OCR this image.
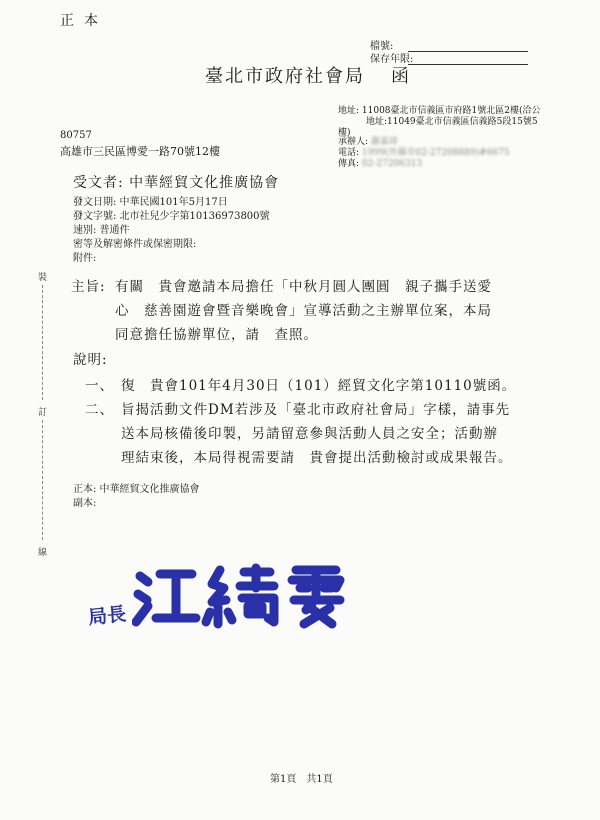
正本
檔號:
保存年限:
臺北市政府社會局 函
地址: 11008臺北市信義區市府路1號北區2樓(洽公
地址:11049臺北市信義區信義路5段15號5
樓)
80757
高雄市三民區博愛一路70號12樓
承辦人: 謝嘉琦
電話: 1999(外縣市02-27208889)#6675
傳真: 02-27206313
受文者: 中華經貿文化推廣協會
發文日期: 中華民國101年5月17日
發文字號: 北市社兒少字第10136973800號
速別: 普通件
密等及解密條件或保密期限:
附件:
裝
訂
線
主旨: 有關　貴會邀請本局擔任「中秋月圓人團圓　親子攜手送愛
心　慈善園遊會暨音樂晚會」宣導活動之主辦單位案，本局
同意擔任協辦單位，請　查照。
說明:
一、 復　貴會101年4月30日（101）經貿文化字第10110號函。
二、 旨揭活動文件DM若涉及「臺北市政府社會局」字樣，請事先
送本局核備後印製，另請留意參與活動人員之安全；活動辦
理結束後，本局得視需要請　貴會提出活動檢討或成果報告。
正本: 中華經貿文化推廣協會
副本:
局長
第1頁　共1頁
